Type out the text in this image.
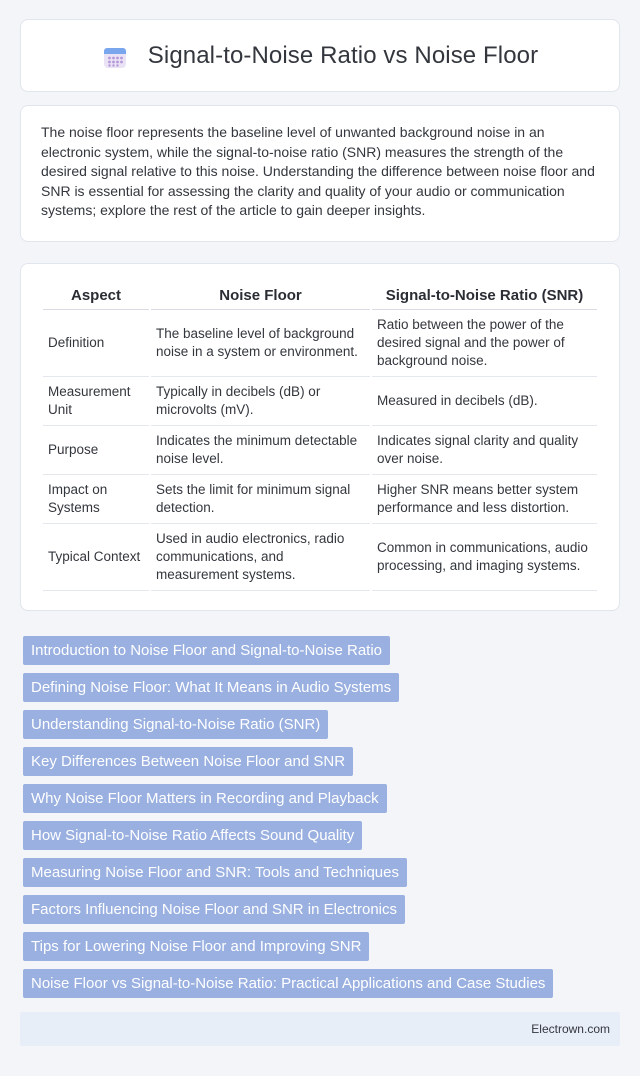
Signal-to-Noise Ratio vs Noise Floor

The noise floor represents the baseline level of unwanted background noise in an electronic system, while the signal-to-noise ratio (SNR) measures the strength of the desired signal relative to this noise. Understanding the difference between noise floor and SNR is essential for assessing the clarity and quality of your audio or communication systems; explore the rest of the article to gain deeper insights.

Aspect	Noise Floor	Signal-to-Noise Ratio (SNR)
Definition	The baseline level of background noise in a system or environment.	Ratio between the power of the desired signal and the power of background noise.
Measurement Unit	Typically in decibels (dB) or microvolts (mV).	Measured in decibels (dB).
Purpose	Indicates the minimum detectable noise level.	Indicates signal clarity and quality over noise.
Impact on Systems	Sets the limit for minimum signal detection.	Higher SNR means better system performance and less distortion.
Typical Context	Used in audio electronics, radio communications, and measurement systems.	Common in communications, audio processing, and imaging systems.
Introduction to Noise Floor and Signal-to-Noise Ratio
Defining Noise Floor: What It Means in Audio Systems
Understanding Signal-to-Noise Ratio (SNR)
Key Differences Between Noise Floor and SNR
Why Noise Floor Matters in Recording and Playback
How Signal-to-Noise Ratio Affects Sound Quality
Measuring Noise Floor and SNR: Tools and Techniques
Factors Influencing Noise Floor and SNR in Electronics
Tips for Lowering Noise Floor and Improving SNR
Noise Floor vs Signal-to-Noise Ratio: Practical Applications and Case Studies
Electrown.com
